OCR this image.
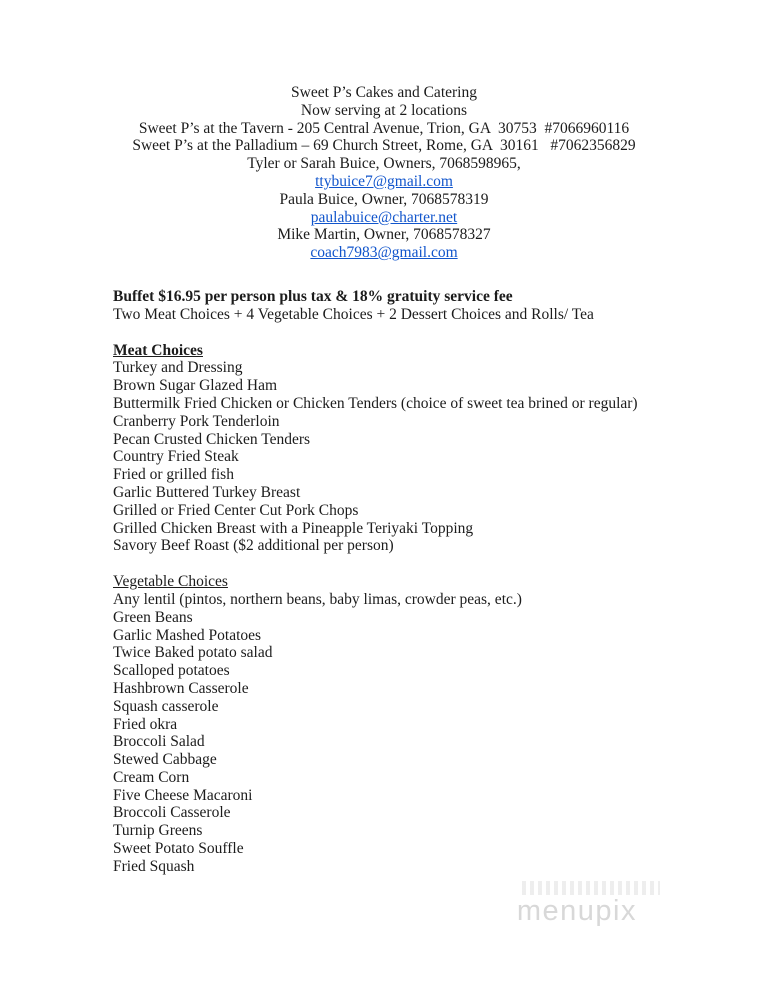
Sweet P’s Cakes and Catering
Now serving at 2 locations
Sweet P’s at the Tavern - 205 Central Avenue, Trion, GA  30753  #7066960116
Sweet P’s at the Palladium – 69 Church Street, Rome, GA  30161   #7062356829
Tyler or Sarah Buice, Owners, 7068598965,
ttybuice7@gmail.com
Paula Buice, Owner, 7068578319
paulabuice@charter.net
Mike Martin, Owner, 7068578327
coach7983@gmail.com
Buffet $16.95 per person plus tax & 18% gratuity service fee
Two Meat Choices + 4 Vegetable Choices + 2 Dessert Choices and Rolls/ Tea
Meat Choices
Turkey and Dressing
Brown Sugar Glazed Ham
Buttermilk Fried Chicken or Chicken Tenders (choice of sweet tea brined or regular)
Cranberry Pork Tenderloin
Pecan Crusted Chicken Tenders
Country Fried Steak
Fried or grilled fish
Garlic Buttered Turkey Breast
Grilled or Fried Center Cut Pork Chops
Grilled Chicken Breast with a Pineapple Teriyaki Topping
Savory Beef Roast ($2 additional per person)
Vegetable Choices
Any lentil (pintos, northern beans, baby limas, crowder peas, etc.)
Green Beans
Garlic Mashed Potatoes
Twice Baked potato salad
Scalloped potatoes
Hashbrown Casserole
Squash casserole
Fried okra
Broccoli Salad
Stewed Cabbage
Cream Corn
Five Cheese Macaroni
Broccoli Casserole
Turnip Greens
Sweet Potato Souffle
Fried Squash
menupix
